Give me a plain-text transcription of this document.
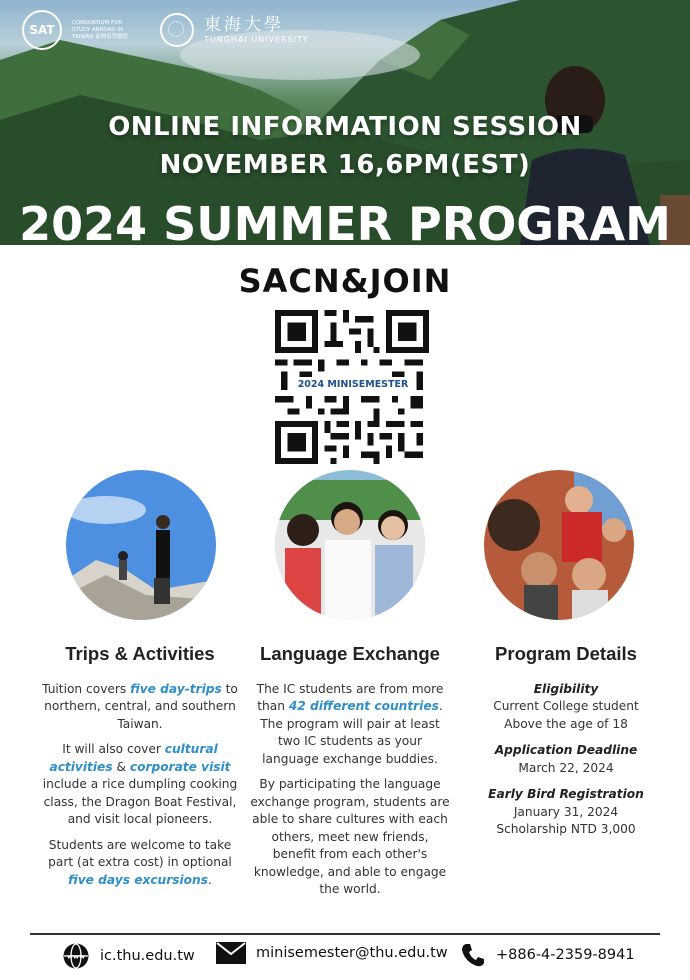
SAT
CONSORTIUM FOR STUDY ABROAD IN TAIWAN 臺灣留學聯盟
東海大學
TUNGHAI UNIVERSITY
ONLINE INFORMATION SESSION
NOVEMBER 16,6PM(EST)
2024 SUMMER PROGRAM
SACN&JOIN
2024 MINISEMESTER
Trips & Activities

Tuition covers five day-trips to northern, central, and southern Taiwan.

It will also cover cultural activities & corporate visit include a rice dumpling cooking class, the Dragon Boat Festival, and visit local pioneers.

Students are welcome to take part (at extra cost) in optional five days excursions.

Language Exchange

The IC students are from more than 42 different countries. The program will pair at least two IC students as your language exchange buddies.

By participating the language exchange program, students are able to share cultures with each others, meet new friends, benefit from each other's knowledge, and able to engage the world.

Program Details
Eligibility
Current College student
Above the age of 18
Application Deadline
March 22, 2024
Early Bird Registration
January 31, 2024
Scholarship NTD 3,000
www ic.thu.edu.tw	minisemester@thu.edu.tw	+886-4-2359-8941
